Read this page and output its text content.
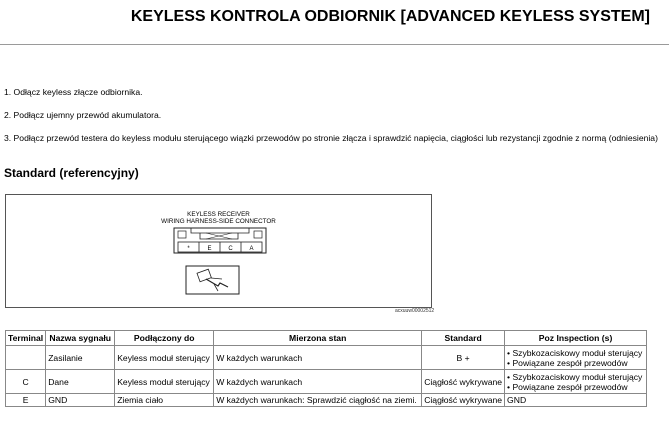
KEYLESS KONTROLA ODBIORNIK [ADVANCED KEYLESS SYSTEM]
1. Odłącz keyless złącze odbiornika.
2. Podłącz ujemny przewód akumulatora.
3. Podłącz przewód testera do keyless modułu sterującego wiązki przewodów po stronie złącza i sprawdzić napięcia, ciągłości lub rezystancji zgodnie z normą (odniesienia)
Standard (referencyjny)
KEYLESS RECEIVER
WIRING HARNESS-SIDE CONNECTOR
*	E	C	A
acxuuw00002512
Terminal	Nazwa sygnału	Podłączony do	Mierzona stan	Standard	Poz Inspection (s)
	Zasilanie	Keyless moduł sterujący	W każdych warunkach	B +	• Szybkozaciskowy moduł sterujący
• Powiązane zespół przewodów

C	Dane	Keyless moduł sterujący	W każdych warunkach	Ciągłość wykrywane	• Szybkozaciskowy moduł sterujący
• Powiązane zespół przewodów

E	GND	Ziemia ciało	W każdych warunkach: Sprawdzić ciągłość na ziemi.	Ciągłość wykrywane	GND
